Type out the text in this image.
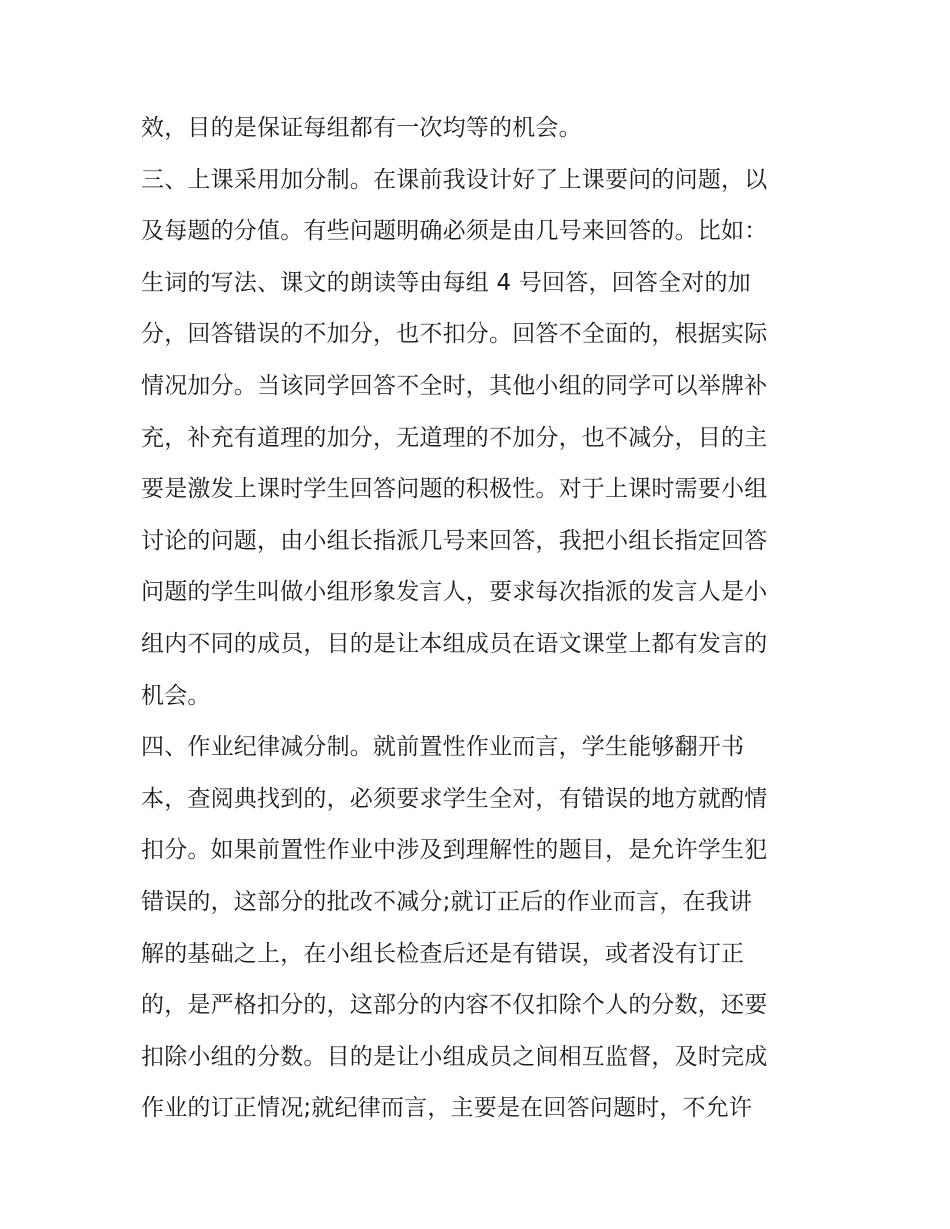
效，目的是保证每组都有一次均等的机会。
三、上课采用加分制。在课前我设计好了上课要问的问题，以
及每题的分值。有些问题明确必须是由几号来回答的。比如：
生词的写法、课文的朗读等由每组 4 号回答，回答全对的加
分，回答错误的不加分，也不扣分。回答不全面的，根据实际
情况加分。当该同学回答不全时，其他小组的同学可以举牌补
充，补充有道理的加分，无道理的不加分，也不减分，目的主
要是激发上课时学生回答问题的积极性。对于上课时需要小组
讨论的问题，由小组长指派几号来回答，我把小组长指定回答
问题的学生叫做小组形象发言人，要求每次指派的发言人是小
组内不同的成员，目的是让本组成员在语文课堂上都有发言的
机会。
四、作业纪律减分制。就前置性作业而言，学生能够翻开书
本，查阅典找到的，必须要求学生全对，有错误的地方就酌情
扣分。如果前置性作业中涉及到理解性的题目，是允许学生犯
错误的，这部分的批改不减分;就订正后的作业而言，在我讲
解的基础之上，在小组长检查后还是有错误，或者没有订正
的，是严格扣分的，这部分的内容不仅扣除个人的分数，还要
扣除小组的分数。目的是让小组成员之间相互监督，及时完成
作业的订正情况;就纪律而言，主要是在回答问题时，不允许
